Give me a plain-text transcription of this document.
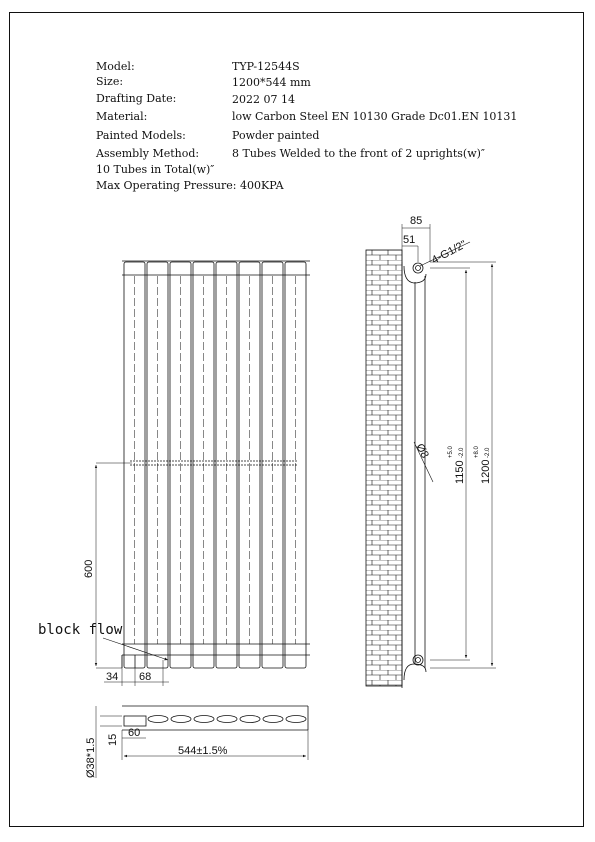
Model:	TYP-12544S
Size:	1200*544 mm
Drafting Date:	2022 07 14
Material:	low Carbon Steel EN 10130 Grade Dc01.EN 10131
Painted Models:	Powder painted
Assembly Method:	8 Tubes Welded to the front of 2 uprights(w)″
10 Tubes in Total(w)″
Max Operating Pressure: 400KPA
600
34 68
block flow
85
51 4-G1/2"
Ø8
1150
+5.0 -2.0
1200
+8.0 -2.0
Ø38*1.5 15
60
544±1.5%
